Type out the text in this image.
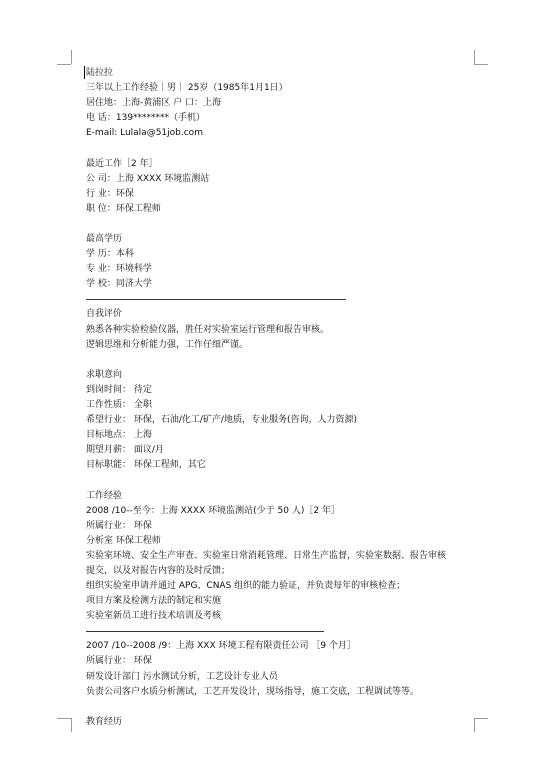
陆拉拉
三年以上工作经验｜男｜ 25岁（1985年1月1日）
居住地：上海-黄浦区 户 口：上海
电 话：139********（手机）
E-mail: Lulala@51job.com
最近工作［2 年］
公 司：上海 XXXX 环境监测站
行 业：环保
职 位：环保工程师
最高学历
学 历：本科
专 业：环境科学
学 校：同济大学
自我评价
熟悉各种实验检验仪器，胜任对实验室运行管理和报告审核。
逻辑思维和分析能力强，工作仔细严谨。
求职意向
到岗时间： 待定
工作性质： 全职
希望行业： 环保，石油/化工/矿产/地质，专业服务(咨询，人力资源)
目标地点： 上海
期望月薪： 面议/月
目标职能： 环保工程师，其它
工作经验
2008 /10--至今：上海 XXXX 环境监测站(少于 50 人)［2 年］
所属行业： 环保
分析室 环保工程师
实验室环境、安全生产审查、实验室日常消耗管理、日常生产监督，实验室数据、报告审核
提交，以及对报告内容的及时反馈；
组织实验室申请并通过 APG、CNAS 组织的能力验证，并负责每年的审核检查；
项目方案及检测方法的制定和实施
实验室新员工进行技术培训及考核
2007 /10--2008 /9：上海 XXX 环境工程有限责任公司 ［9 个月］
所属行业： 环保
研发设计部门 污水测试分析，工艺设计专业人员
负责公司客户水质分析测试，工艺开发设计，现场指导，施工交底，工程调试等等。
教育经历
